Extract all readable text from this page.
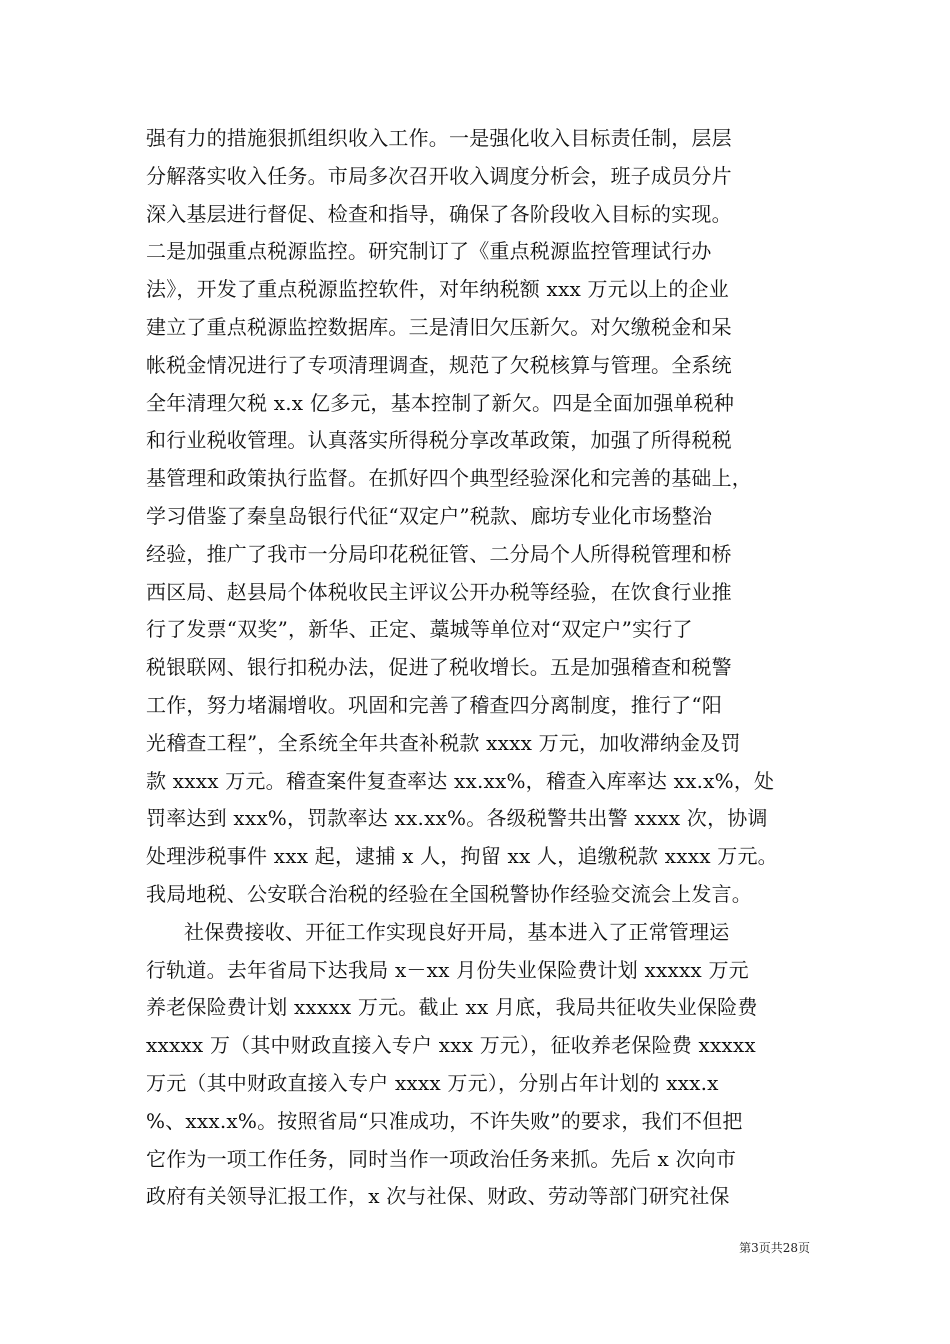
强有力的措施狠抓组织收入工作。一是强化收入目标责任制，层层
分解落实收入任务。市局多次召开收入调度分析会，班子成员分片
深入基层进行督促、检查和指导，确保了各阶段收入目标的实现。
二是加强重点税源监控。研究制订了《重点税源监控管理试行办
法》，开发了重点税源监控软件，对年纳税额 xxx 万元以上的企业
建立了重点税源监控数据库。三是清旧欠压新欠。对欠缴税金和呆
帐税金情况进行了专项清理调查，规范了欠税核算与管理。全系统
全年清理欠税 x.x 亿多元，基本控制了新欠。四是全面加强单税种
和行业税收管理。认真落实所得税分享改革政策，加强了所得税税
基管理和政策执行监督。在抓好四个典型经验深化和完善的基础上，
学习借鉴了秦皇岛银行代征“双定户”税款、廊坊专业化市场整治
经验，推广了我市一分局印花税征管、二分局个人所得税管理和桥
西区局、赵县局个体税收民主评议公开办税等经验，在饮食行业推
行了发票“双奖”，新华、正定、藁城等单位对“双定户”实行了
税银联网、银行扣税办法，促进了税收增长。五是加强稽查和税警
工作，努力堵漏增收。巩固和完善了稽查四分离制度，推行了“阳
光稽查工程”，全系统全年共查补税款 xxxx 万元，加收滞纳金及罚
款 xxxx 万元。稽查案件复查率达 xx.xx%，稽查入库率达 xx.x%，处
罚率达到 xxx%，罚款率达 xx.xx%。各级税警共出警 xxxx 次，协调
处理涉税事件 xxx 起，逮捕 x 人，拘留 xx 人，追缴税款 xxxx 万元。
我局地税、公安联合治税的经验在全国税警协作经验交流会上发言。
社保费接收、开征工作实现良好开局，基本进入了正常管理运
行轨道。去年省局下达我局 x－xx 月份失业保险费计划 xxxxx 万元
养老保险费计划 xxxxx 万元。截止 xx 月底，我局共征收失业保险费
xxxxx 万（其中财政直接入专户 xxx 万元），征收养老保险费 xxxxx
万元（其中财政直接入专户 xxxx 万元），分别占年计划的 xxx.x
%、xxx.x%。按照省局“只准成功，不许失败”的要求，我们不但把
它作为一项工作任务，同时当作一项政治任务来抓。先后 x 次向市
政府有关领导汇报工作，x 次与社保、财政、劳动等部门研究社保
第3页共28页
